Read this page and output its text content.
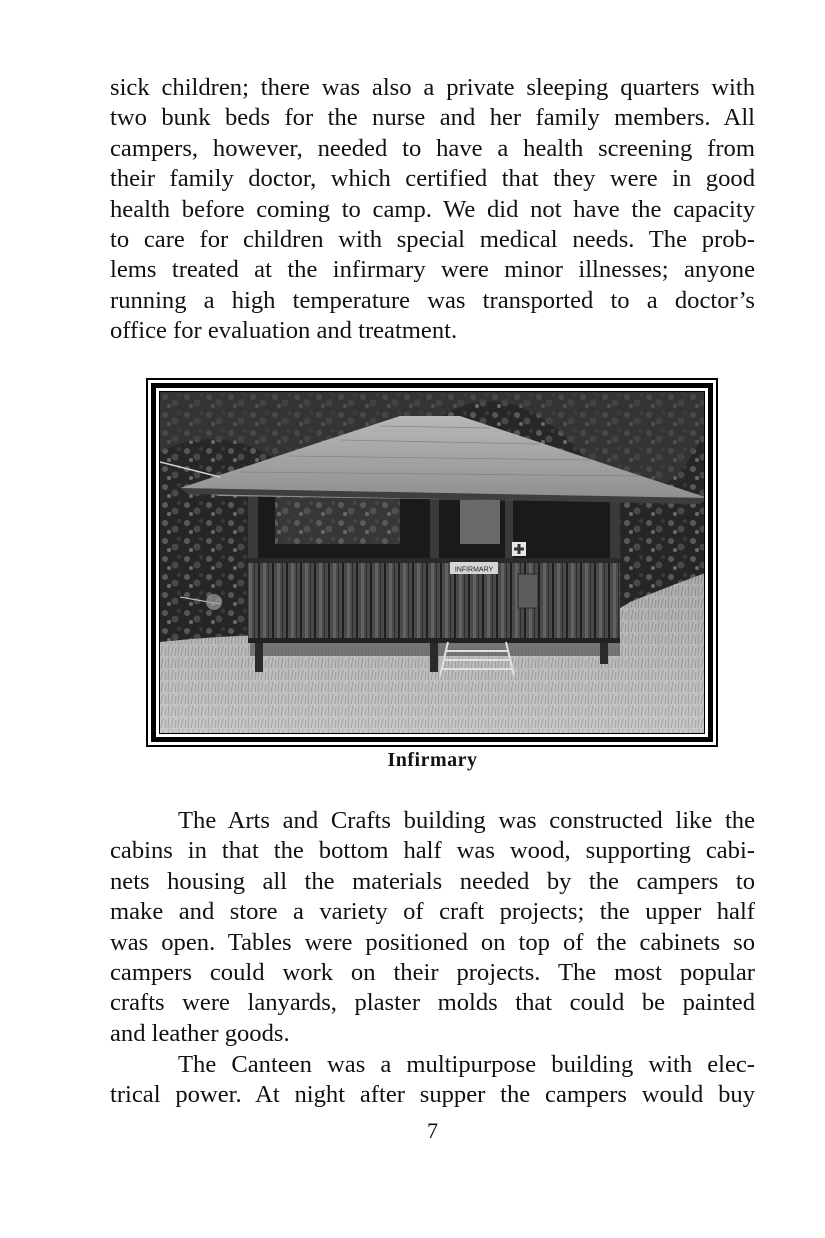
sick children; there was also a private sleeping quarters with
two bunk beds for the nurse and her family members. All
campers, however, needed to have a health screening from
their family doctor, which certified that they were in good
health before coming to camp. We did not have the capacity
to care for children with special medical needs. The prob-
lems treated at the infirmary were minor illnesses; anyone
running a high temperature was transported to a doctor’s
office for evaluation and treatment.

INFIRMARY
Infirmary

The Arts and Crafts building was constructed like the
cabins in that the bottom half was wood, supporting cabi-
nets housing all the materials needed by the campers to
make and store a variety of craft projects; the upper half
was open. Tables were positioned on top of the cabinets so
campers could work on their projects. The most popular
crafts were lanyards, plaster molds that could be painted
and leather goods.

The Canteen was a multipurpose building with elec-
trical power. At night after supper the campers would buy

7
